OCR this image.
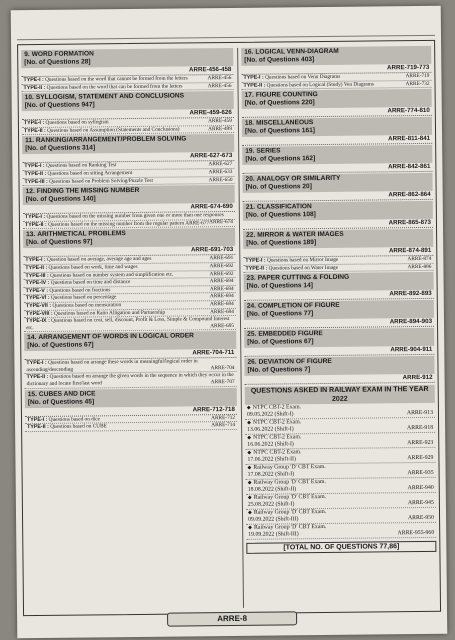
9. WORD FORMATION
[No. of Questions 28]
ARRE-456-458
TYPE-I : Questions based on the word that cannot be formed from the letters	ARRE-456
TYPE-II : Questions based on the word that can be formed from the letters	ARRE-456
10. SYLLOGISM, STATEMENT AND CONCLUSIONS
[No. of Questions 947]
ARRE-459-626
TYPE-I : Questions based on syllogism	ARRE-459
TYPE-II : Questions based on Assumption (Statements and Conclusions)	ARRE-499
11. RANKING/ARRANGEMENT/PROBLEM SOLVING
[No. of Questions 314]
ARRE-627-673
TYPE-I : Questions based on Ranking Test	ARRE-627
TYPE-II : Questions based on sitting Arrangement	ARRE-633
TYPE-III : Questions based on Problem Solving/Puzzle Test	ARRE-650
12. FINDING THE MISSING NUMBER
[No. of Questions 140]
ARRE-674-690
TYPE-I : Questions based on the missing number from given one or more than one responses
ARRE-674
TYPE-II : Questions based on the missing number from the regular pattern ARRE-677
13. ARITHMETICAL PROBLEMS
[No. of Questions 97]
ARRE-691-703
TYPE-I : Question based on average, average age and ages	ARRE-691
TYPE-II : Questions based on work, time and wages	ARRE-692
TYPE-III : Questions based on number system and simplification etc.	ARRE-692
TYPE-IV : Questions based on time and distance	ARRE-694
TYPE-V : Questions based on fractions	ARRE-694
TYPE-VI : Questions based on percentage	ARRE-694
TYPE-VII : Questions based on mensuration	ARRE-694
TYPE-VIII : Questions based on Ratio Alligation and Partnership	ARRE-694
TYPE-IX : Questions based on cost, sell, discount, Profit & Loss, Simple & Compound Interest etc.	ARRE-695
14. ARRANGEMENT OF WORDS IN LOGICAL ORDER
[No. of Questions 67]
ARRE-704-711
TYPE-I : Questions based on arrange these words in meaningful/logical order in ascending/descending	ARRE-704
TYPE-II : Questions based on arrange the given words in the sequence in which they occur in the dictionary and locate first/last word	ARRE-707
15. CUBES AND DICE
[No. of Questions 45]
ARRE-712-718
TYPE-I : Questions based on dice	ARRE-712
TYPE-II : Questions based on CUBE	ARRE-714
16. LOGICAL VENN-DIAGRAM
[No. of Questions 403]
ARRE-719-773
TYPE-I : Questions based on Venn Diagrams	ARRE-719
TYPE-II : Questions based on Logical (Study) Ven Diagrams	ARRE-732
17. FIGURE COUNTING
[No. of Questions 220]
ARRE-774-810
18. MISCELLANEOUS
[No. of Questions 161]
ARRE-811-841
19. SERIES
[No. of Questions 162]
ARRE-842-861
20. ANALOGY OR SIMILARITY
[No. of Questions 20]
ARRE-862-864
21. CLASSIFICATION
[No. of Questions 108]
ARRE-865-873
22. MIRROR & WATER IMAGES
[No. of Questions 189]
ARRE-874-891
TYPE-I : Questions based on Mirror Image	ARRE-874
TYPE-II : Questions based on Water Image	ARRE-886
23. PAPER CUTTING & FOLDING
[No. of Questions 14]
ARRE-892-893
24. COMPLETION OF FIGURE
[No. of Questions 77]
ARRE-894-903
25. EMBEDDED FIGURE
[No. of Questions 67]
ARRE-904-911
26. DEVIATION OF FIGURE
[No. of Questions 7]
ARRE-912
QUESTIONS ASKED IN RAILWAY EXAM IN THE YEAR 2022
◆ NTPC CBT-2 Exam.
09.05.2022 (Shift-I)	ARRE-913
◆ NTPC CBT-2 Exam.
13.06.2022 (Shift-I)	ARRE-918
◆ NTPC CBT-2 Exam.
16.06.2022 (Shift-I)	ARRE-923
◆ NTPC CBT-2 Exam.
17.06.2022 (Shift-II)	ARRE-929
◆ Railway Group 'D' CBT Exam.
17.08.2022 (Shift-I)	ARRE-935
◆ Railway Group 'D' CBT Exam.
18.08.2022 (Shift-II)	ARRE-940
◆ Railway Group 'D' CBT Exam.
25.08.2022 (Shift-I)	ARRE-945
◆ Railway Group 'D' CBT Exam.
09.09.2022 (Shift-III)	ARRE-950
◆ Railway Group 'D' CBT Exam.
19.09.2022 (Shift-III)	ARRE-955-960
[TOTAL NO. OF QUESTIONS 77,86]
ARRE-8
